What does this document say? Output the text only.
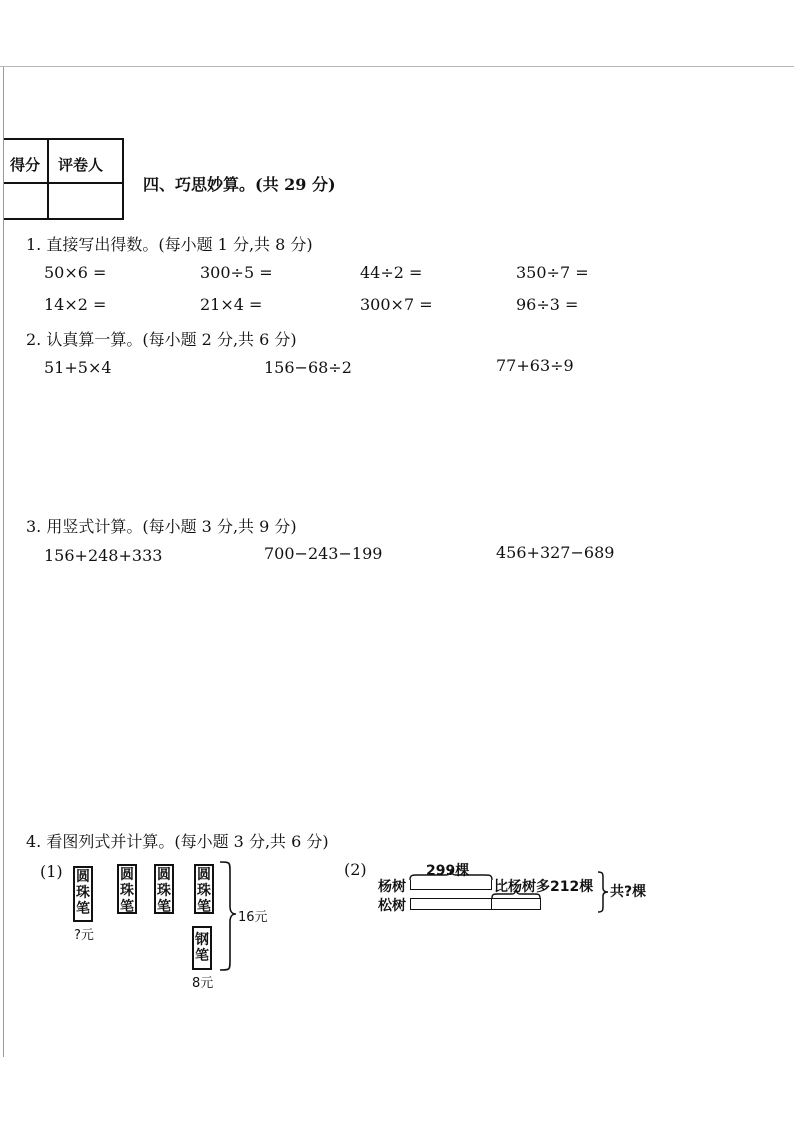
得分 评卷人
四、巧思妙算。(共 29 分)
1. 直接写出得数。(每小题 1 分,共 8 分)
50×6 =	300÷5 =	44÷2 =	350÷7 =
14×2 =	21×4 =	300×7 =	96÷3 =
2. 认真算一算。(每小题 2 分,共 6 分)
51+5×4	156−68÷2	77+63÷9
3. 用竖式计算。(每小题 3 分,共 9 分)
156+248+333	700−243−199	456+327−689
4. 看图列式并计算。(每小题 3 分,共 6 分)
(1) 圆珠笔
圆珠笔
圆珠笔
圆珠笔
钢笔
?元
8元
16元
(2)	299棵
杨树
松树
比杨树多212棵 共?棵
